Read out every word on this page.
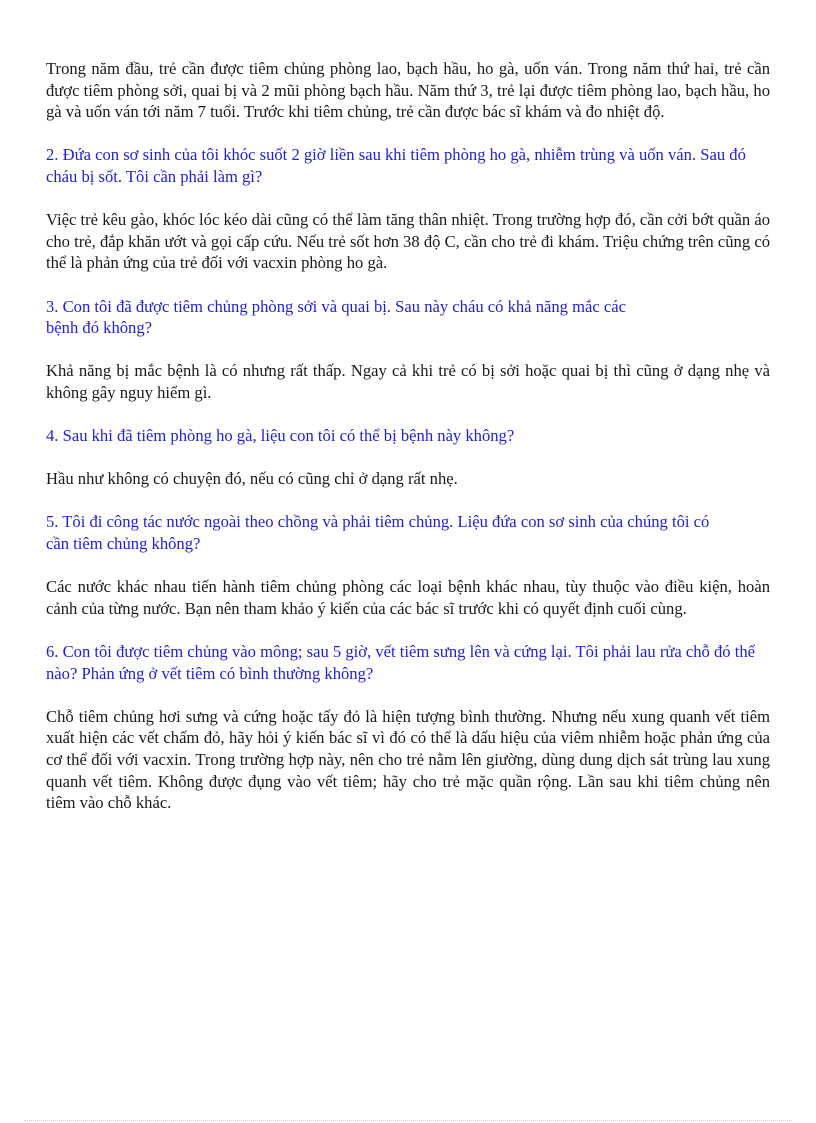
Trong năm đầu, trẻ cần được tiêm chủng phòng lao, bạch hầu, ho gà, uốn ván. Trong năm thứ hai, trẻ cần được tiêm phòng sởi, quai bị và 2 mũi phòng bạch hầu. Năm thứ 3, trẻ lại được tiêm phòng lao, bạch hầu, ho gà và uốn ván tới năm 7 tuổi. Trước khi tiêm chủng, trẻ cần được bác sĩ khám và đo nhiệt độ.

2. Đứa con sơ sinh của tôi khóc suốt 2 giờ liền sau khi tiêm phòng ho gà, nhiễm trùng và uốn ván. Sau đó cháu bị sốt. Tôi cần phải làm gì?

Việc trẻ kêu gào, khóc lóc kéo dài cũng có thể làm tăng thân nhiệt. Trong trường hợp đó, cần cởi bớt quần áo cho trẻ, đắp khăn ướt và gọi cấp cứu. Nếu trẻ sốt hơn 38 độ C, cần cho trẻ đi khám. Triệu chứng trên cũng có thể là phản ứng của trẻ đối với vacxin phòng ho gà.

3. Con tôi đã được tiêm chủng phòng sởi và quai bị. Sau này cháu có khả năng mắc các bệnh đó không?

Khả năng bị mắc bệnh là có nhưng rất thấp. Ngay cả khi trẻ có bị sởi hoặc quai bị thì cũng ở dạng nhẹ và không gây nguy hiểm gì.

4. Sau khi đã tiêm phòng ho gà, liệu con tôi có thể bị bệnh này không?

Hầu như không có chuyện đó, nếu có cũng chỉ ở dạng rất nhẹ.

5. Tôi đi công tác nước ngoài theo chồng và phải tiêm chủng. Liệu đứa con sơ sinh của chúng tôi có cần tiêm chủng không?

Các nước khác nhau tiến hành tiêm chủng phòng các loại bệnh khác nhau, tùy thuộc vào điều kiện, hoàn cảnh của từng nước. Bạn nên tham khảo ý kiến của các bác sĩ trước khi có quyết định cuối cùng.

6. Con tôi được tiêm chủng vào mông; sau 5 giờ, vết tiêm sưng lên và cứng lại. Tôi phải lau rửa chỗ đó thế nào? Phản ứng ở vết tiêm có bình thường không?

Chỗ tiêm chủng hơi sưng và cứng hoặc tấy đỏ là hiện tượng bình thường. Nhưng nếu xung quanh vết tiêm xuất hiện các vết chấm đỏ, hãy hỏi ý kiến bác sĩ vì đó có thể là dấu hiệu của viêm nhiễm hoặc phản ứng của cơ thể đối với vacxin. Trong trường hợp này, nên cho trẻ nằm lên giường, dùng dung dịch sát trùng lau xung quanh vết tiêm. Không được đụng vào vết tiêm; hãy cho trẻ mặc quần rộng. Lần sau khi tiêm chủng nên tiêm vào chỗ khác.
